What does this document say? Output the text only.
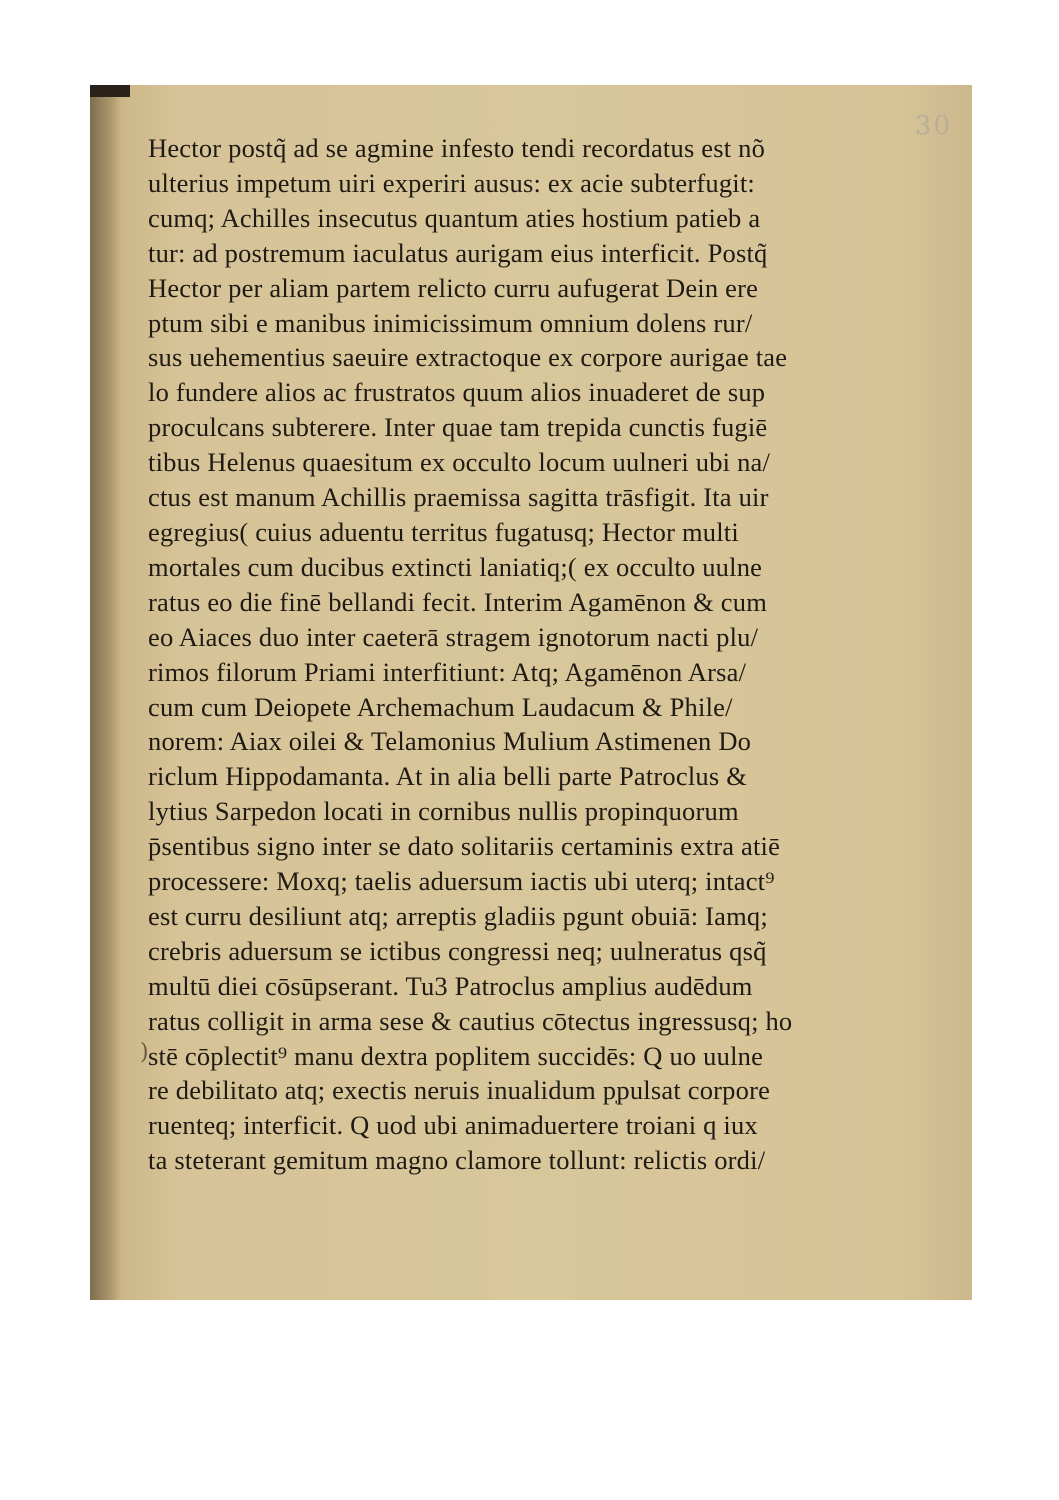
30
)
Hector postq̃ ad se agmine infesto tendi recordatus est nõ
ulterius impetum uiri experiri ausus: ex acie subterfugit:
cumq; Achilles insecutus quantum aties hostium patieb a
tur: ad postremum iaculatus aurigam eius interficit. Postq̃
Hector per aliam partem relicto curru aufugerat Dein ere
ptum sibi e manibus inimicissimum omnium dolens rur/
sus uehementius saeuire extractoque ex corpore aurigae tae
lo fundere alios ac frustratos quum alios inuaderet de sup
proculcans subterere. Inter quae tam trepida cunctis fugiē
tibus Helenus quaesitum ex occulto locum uulneri ubi na/
ctus est manum Achillis praemissa sagitta trāsfigit. Ita uir
egregius( cuius aduentu territus fugatusq; Hector multi
mortales cum ducibus extincti laniatiq;( ex occulto uulne
ratus eo die finē bellandi fecit. Interim Agamēnon & cum
eo Aiaces duo inter caeterā stragem ignotorum nacti plu/
rimos filorum Priami interfitiunt: Atq; Agamēnon Arsa/
cum cum Deiopete Archemachum Laudacum & Phile/
norem: Aiax oilei & Telamonius Mulium Astimenen Do
riclum Hippodamanta. At in alia belli parte Patroclus &
lytius Sarpedon locati in cornibus nullis propinquorum
p̄sentibus signo inter se dato solitariis certaminis extra atiē
processere: Moxq; taelis aduersum iactis ubi uterq; intact⁹
est curru desiliunt atq; arreptis gladiis pgunt obuiā: Iamq;
crebris aduersum se ictibus congressi neq; uulneratus qsq̃
multū diei cōsūpserant. Tu3 Patroclus amplius audēdum
ratus colligit in arma sese & cautius cōtectus ingressusq; ho
stē cōplectit⁹ manu dextra poplitem succidēs: Q uo uulne
re debilitato atq; exectis neruis inualidum pֽpulsat corpore
ruenteq; interficit. Q uod ubi animaduertere troiani q iux
ta steterant gemitum magno clamore tollunt: relictis ordi/
